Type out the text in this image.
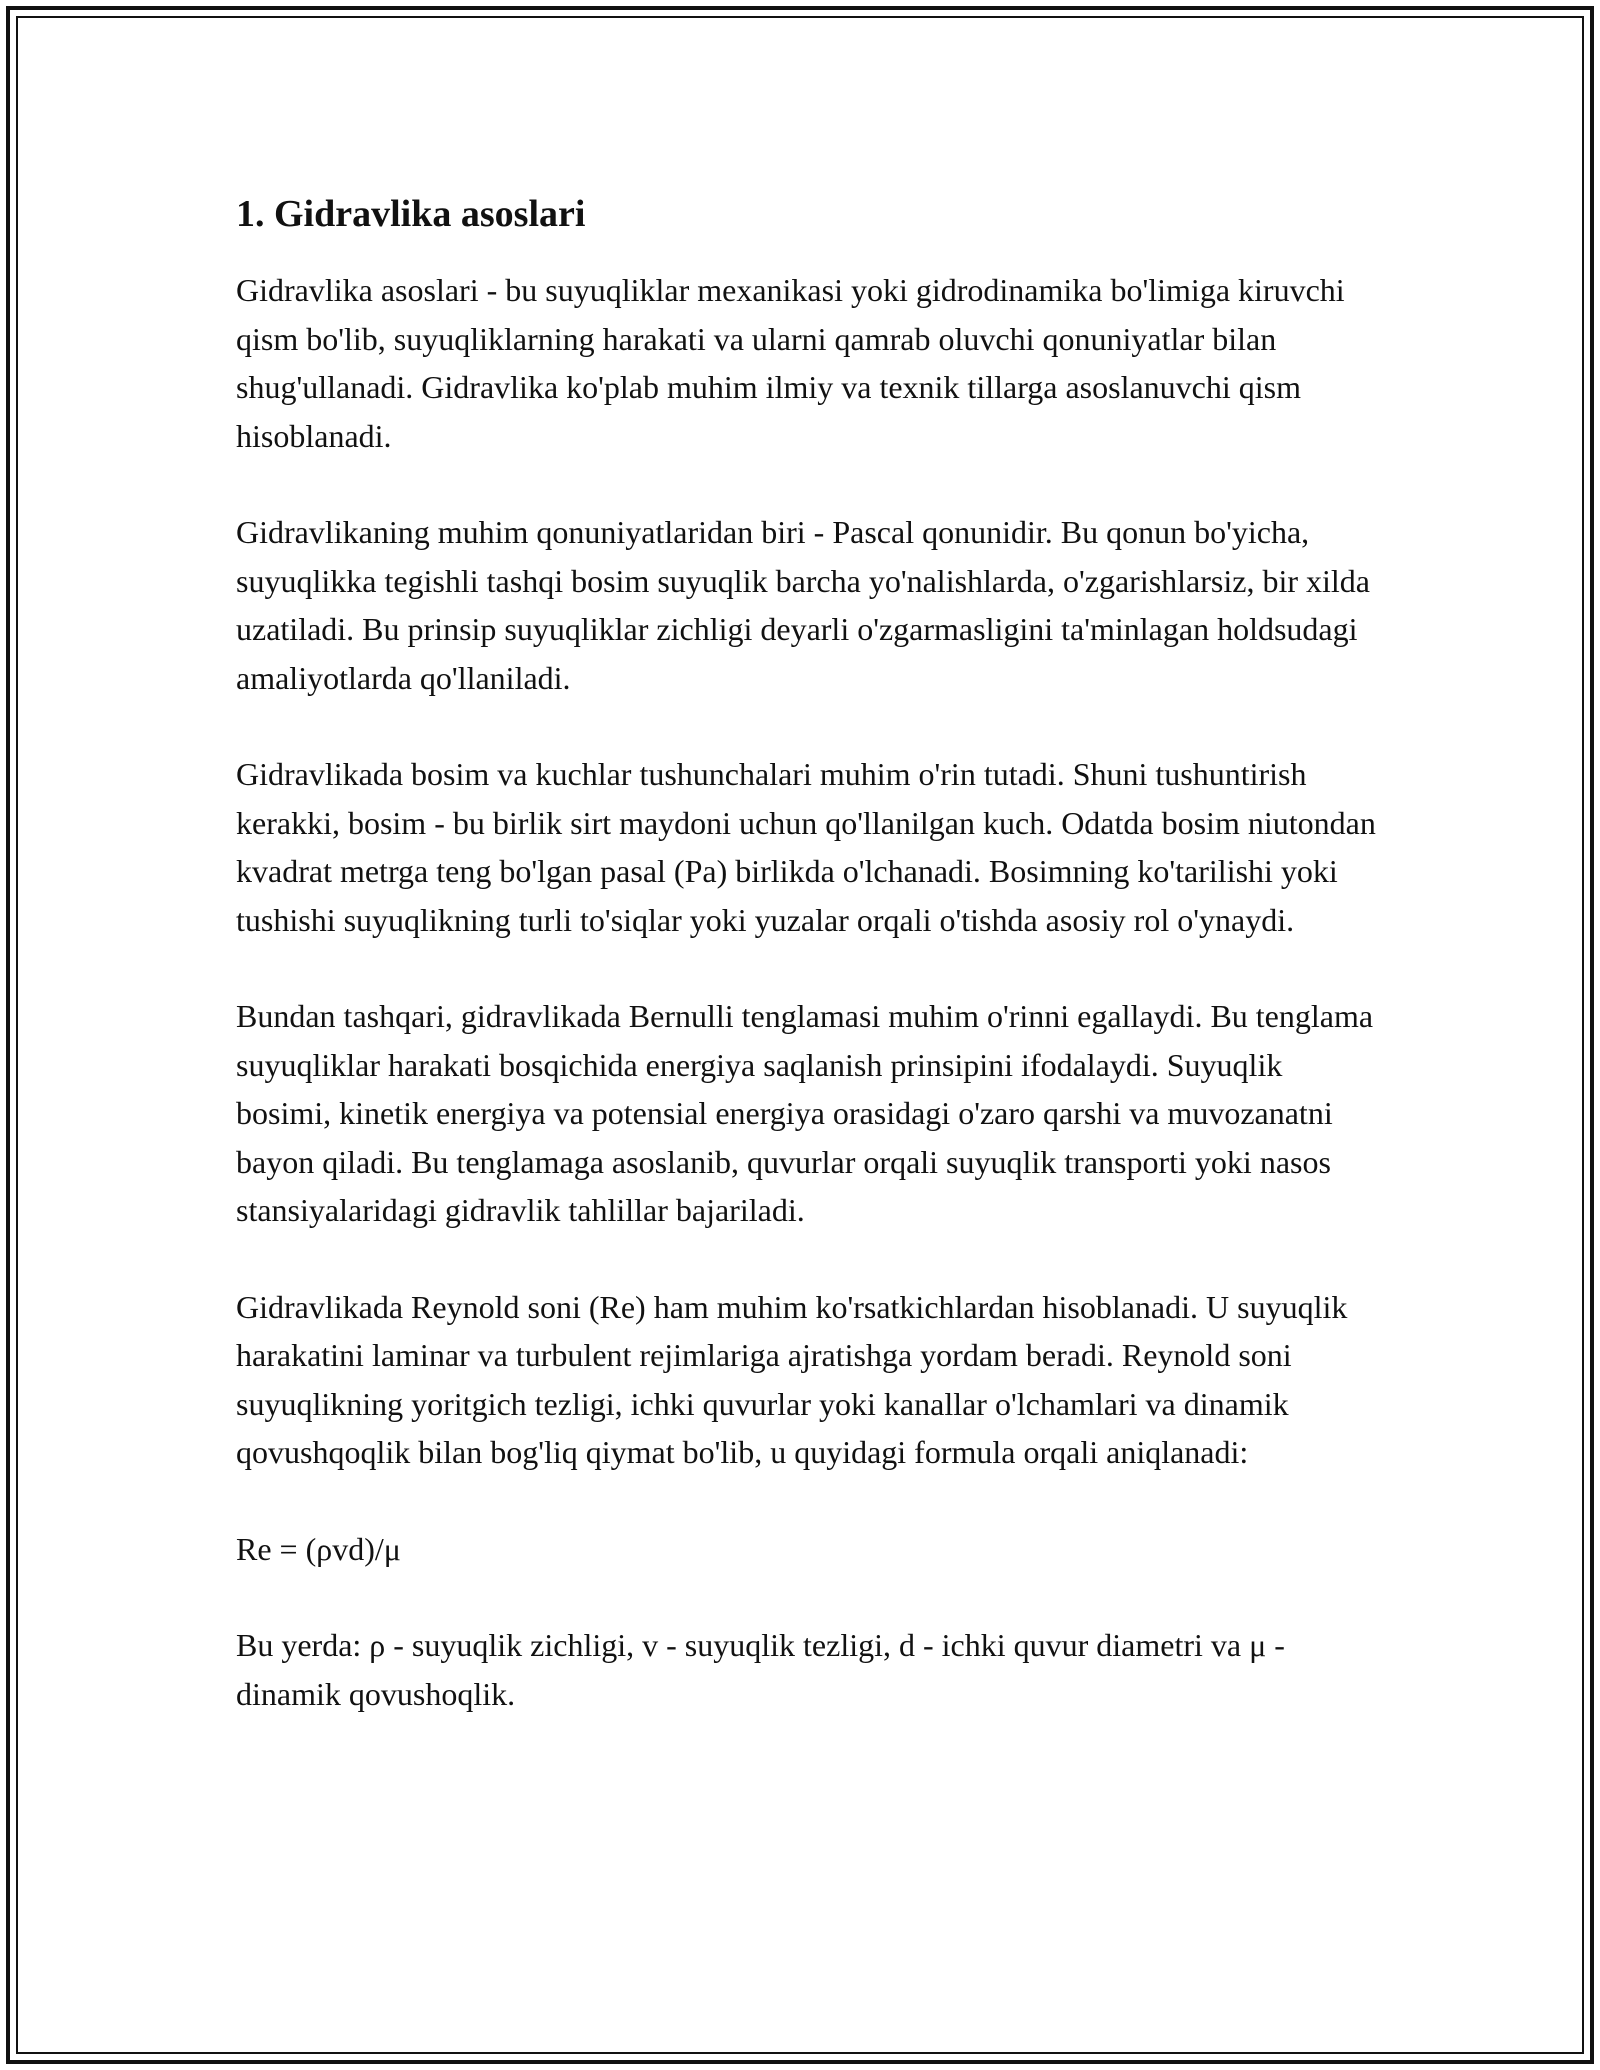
1. Gidravlika asoslari

Gidravlika asoslari - bu suyuqliklar mexanikasi yoki gidrodinamika bo'limiga kiruvchi qism bo'lib, suyuqliklarning harakati va ularni qamrab oluvchi qonuniyatlar bilan shug'ullanadi. Gidravlika ko'plab muhim ilmiy va texnik tillarga asoslanuvchi qism hisoblanadi.

Gidravlikaning muhim qonuniyatlaridan biri - Pascal qonunidir. Bu qonun bo'yicha, suyuqlikka tegishli tashqi bosim suyuqlik barcha yo'nalishlarda, o'zgarishlarsiz, bir xilda uzatiladi. Bu prinsip suyuqliklar zichligi deyarli o'zgarmasligini ta'minlagan holdsudagi amaliyotlarda qo'llaniladi.

Gidravlikada bosim va kuchlar tushunchalari muhim o'rin tutadi. Shuni tushuntirish kerakki, bosim - bu birlik sirt maydoni uchun qo'llanilgan kuch. Odatda bosim niutondan kvadrat metrga teng bo'lgan pasal (Pa) birlikda o'lchanadi. Bosimning ko'tarilishi yoki tushishi suyuqlikning turli to'siqlar yoki yuzalar orqali o'tishda asosiy rol o'ynaydi.

Bundan tashqari, gidravlikada Bernulli tenglamasi muhim o'rinni egallaydi. Bu tenglama suyuqliklar harakati bosqichida energiya saqlanish prinsipini ifodalaydi. Suyuqlik bosimi, kinetik energiya va potensial energiya orasidagi o'zaro qarshi va muvozanatni bayon qiladi. Bu tenglamaga asoslanib, quvurlar orqali suyuqlik transporti yoki nasos stansiyalaridagi gidravlik tahlillar bajariladi.

Gidravlikada Reynold soni (Re) ham muhim ko'rsatkichlardan hisoblanadi. U suyuqlik harakatini laminar va turbulent rejimlariga ajratishga yordam beradi. Reynold soni suyuqlikning yoritgich tezligi, ichki quvurlar yoki kanallar o'lchamlari va dinamik qovushqoqlik bilan bog'liq qiymat bo'lib, u quyidagi formula orqali aniqlanadi:

Re = (ρvd)/μ

Bu yerda: ρ - suyuqlik zichligi, v - suyuqlik tezligi, d - ichki quvur diametri va μ - dinamik qovushoqlik.
